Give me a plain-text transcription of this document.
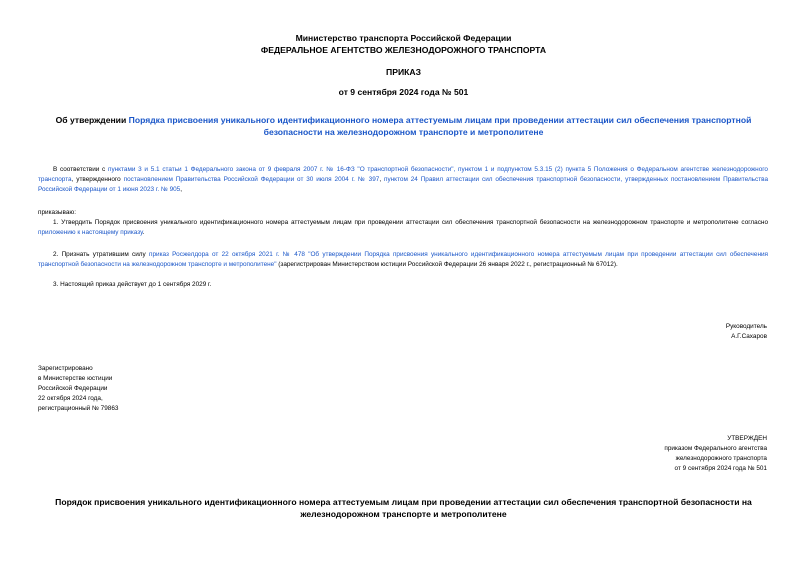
Министерство транспорта Российской Федерации
ФЕДЕРАЛЬНОЕ АГЕНТСТВО ЖЕЛЕЗНОДОРОЖНОГО ТРАНСПОРТА
ПРИКАЗ
от 9 сентября 2024 года № 501
Об утверждении Порядка присвоения уникального идентификационного номера аттестуемым лицам при проведении аттестации сил обеспечения транспортной безопасности на железнодорожном транспорте и метрополитене
В соответствии с пунктами 3 и 5.1 статьи 1 Федерального закона от 9 февраля 2007 г. № 16-ФЗ "О транспортной безопасности", пунктом 1 и подпунктом 5.3.15 (2) пункта 5 Положения о Федеральном агентстве железнодорожного транспорта, утвержденного постановлением Правительства Российской Федерации от 30 июля 2004 г. № 397, пунктом 24 Правил аттестации сил обеспечения транспортной безопасности, утвержденных постановлением Правительства Российской Федерации от 1 июня 2023 г. № 905,
приказываю:
1. Утвердить Порядок присвоения уникального идентификационного номера аттестуемым лицам при проведении аттестации сил обеспечения транспортной безопасности на железнодорожном транспорте и метрополитене согласно приложению к настоящему приказу.
2. Признать утратившим силу приказ Росжелдора от 22 октября 2021 г. № 478 "Об утверждении Порядка присвоения уникального идентификационного номера аттестуемым лицам при проведении аттестации сил обеспечения транспортной безопасности на железнодорожном транспорте и метрополитене" (зарегистрирован Министерством юстиции Российской Федерации 26 января 2022 г., регистрационный № 67012).
3. Настоящий приказ действует до 1 сентября 2029 г.
Руководитель
А.Г.Сахаров
Зарегистрировано
в Министерстве юстиции
Российской Федерации
22 октября 2024 года,
регистрационный № 79863
УТВЕРЖДЕН
приказом Федерального агентства
железнодорожного транспорта
от 9 сентября 2024 года № 501
Порядок присвоения уникального идентификационного номера аттестуемым лицам при проведении аттестации сил обеспечения транспортной безопасности на железнодорожном транспорте и метрополитене
